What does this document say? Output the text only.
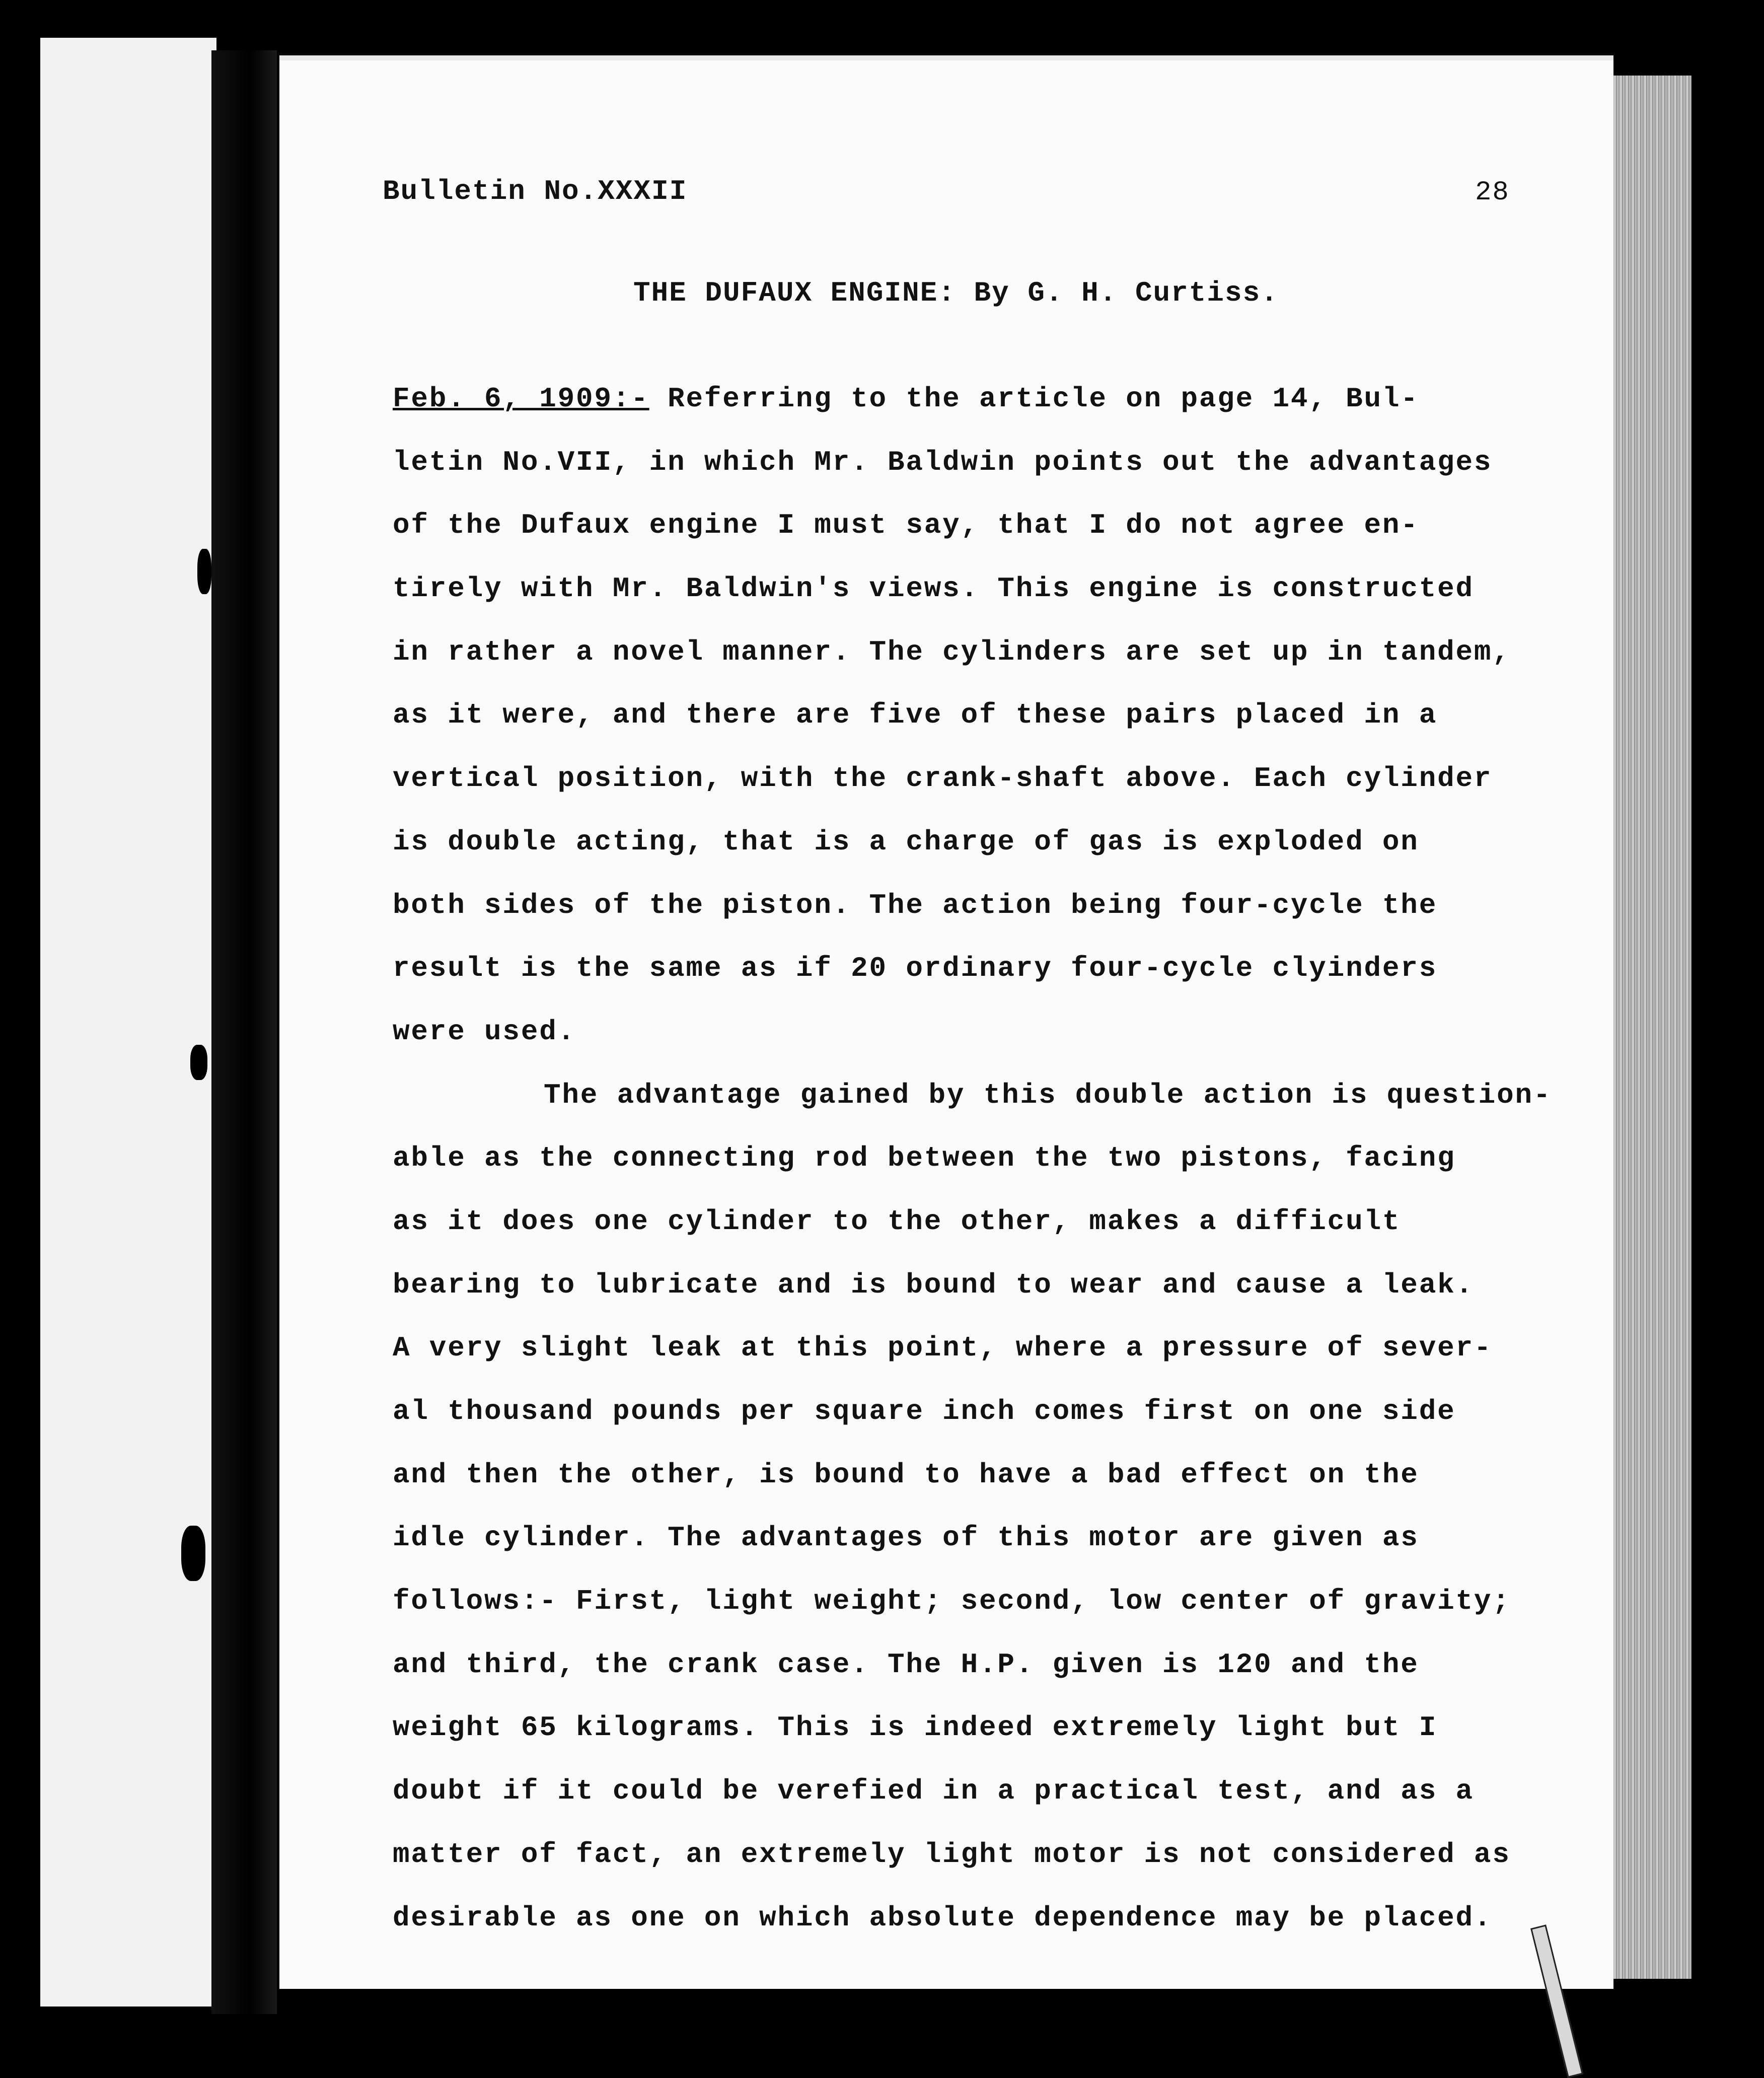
Bulletin No.XXXII	28
THE DUFAUX ENGINE: By G. H. Curtiss.
Feb. 6, 1909:- Referring to the article on page 14, Bul-
letin No.VII, in which Mr. Baldwin points out the advantages
of the Dufaux engine I must say, that I do not agree en-
tirely with Mr. Baldwin's views. This engine is constructed
in rather a novel manner. The cylinders are set up in tandem,
as it were, and there are five of these pairs placed in a
vertical position, with the crank-shaft above. Each cylinder
is double acting, that is a charge of gas is exploded on
both sides of the piston. The action being four-cycle the
result is the same as if 20 ordinary four-cycle clyinders
were used.
The advantage gained by this double action is question-
able as the connecting rod between the two pistons, facing
as it does one cylinder to the other, makes a difficult
bearing to lubricate and is bound to wear and cause a leak.
A very slight leak at this point, where a pressure of sever-
al thousand pounds per square inch comes first on one side
and then the other, is bound to have a bad effect on the
idle cylinder. The advantages of this motor are given as
follows:- First, light weight; second, low center of gravity;
and third, the crank case. The H.P. given is 120 and the
weight 65 kilograms. This is indeed extremely light but I
doubt if it could be verefied in a practical test, and as a
matter of fact, an extremely light motor is not considered as
desirable as one on which absolute dependence may be placed.
